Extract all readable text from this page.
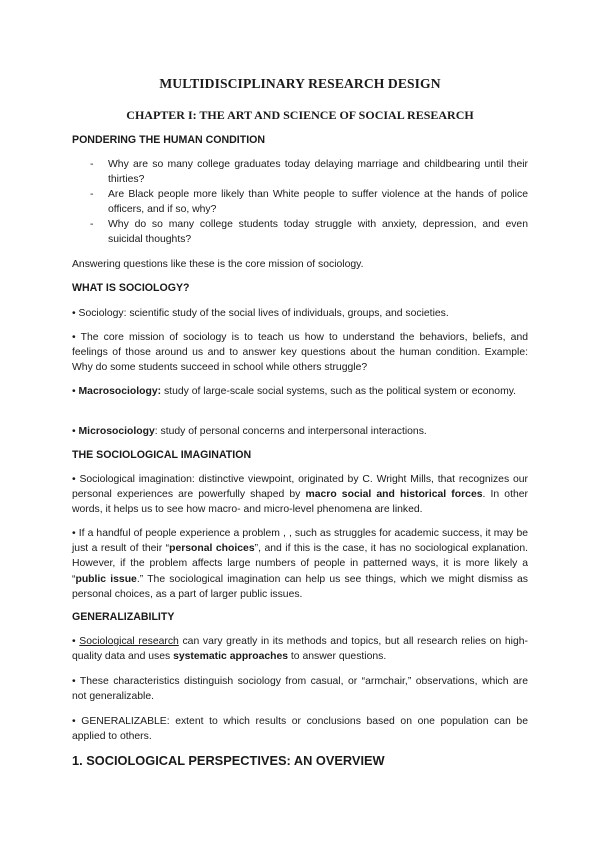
MULTIDISCIPLINARY RESEARCH DESIGN
CHAPTER I: THE ART AND SCIENCE OF SOCIAL RESEARCH
PONDERING THE HUMAN CONDITION
- Why are so many college graduates today delaying marriage and childbearing until their thirties?
- Are Black people more likely than White people to suffer violence at the hands of police officers, and if so, why?
- Why do so many college students today struggle with anxiety, depression, and even suicidal thoughts?
Answering questions like these is the core mission of sociology.
WHAT IS SOCIOLOGY?
• Sociology: scientific study of the social lives of individuals, groups, and societies.
• The core mission of sociology is to teach us how to understand the behaviors, beliefs, and feelings of those around us and to answer key questions about the human condition. Example: Why do some students succeed in school while others struggle?
• Macrosociology: study of large-scale social systems, such as the political system or economy.
• Microsociology: study of personal concerns and interpersonal interactions.
THE SOCIOLOGICAL IMAGINATION
• Sociological imagination: distinctive viewpoint, originated by C. Wright Mills, that recognizes our personal experiences are powerfully shaped by macro social and historical forces. In other words, it helps us to see how macro- and micro-level phenomena are linked.
• If a handful of people experience a problem , , such as struggles for academic success, it may be just a result of their “personal choices”, and if this is the case, it has no sociological explanation. However, if the problem affects large numbers of people in patterned ways, it is more likely a “public issue.” The sociological imagination can help us see things, which we might dismiss as personal choices, as a part of larger public issues.
GENERALIZABILITY
• Sociological research can vary greatly in its methods and topics, but all research relies on high-quality data and uses systematic approaches to answer questions.
• These characteristics distinguish sociology from casual, or “armchair,” observations, which are not generalizable.
• GENERALIZABLE: extent to which results or conclusions based on one population can be applied to others.
1. SOCIOLOGICAL PERSPECTIVES: AN OVERVIEW
